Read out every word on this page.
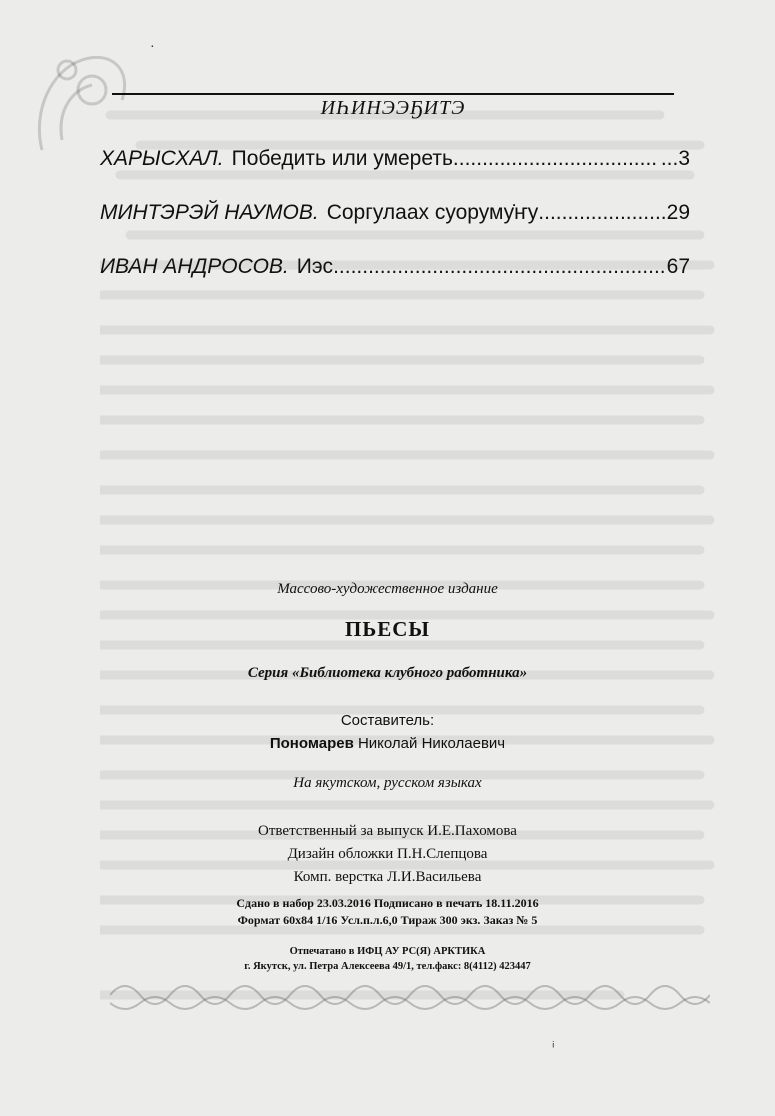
ИҺИНЭЭҔИТЭ
ХАРЫСХАЛ. Победить или умереть .....	...3
МИНТЭРЭЙ НАУМОВ. Соргулаах суоруму̇ҥу .....	29
ИВАН АНДРОСОВ. Иэс .....	67
Массово-художественное издание
ПЬЕСЫ
Серия «Библиотека клубного работника»
Составитель:
Пономарев Николай Николаевич
На якутском, русском языках
Ответственный за выпуск И.Е.Пахомова
Дизайн обложки П.Н.Слепцова
Комп. верстка Л.И.Васильева
Сдано в набор 23.03.2016 Подписано в печать 18.11.2016
Формат 60х84 1/16 Усл.п.л.6,0 Тираж 300 экз. Заказ № 5
Отпечатано в ИФЦ АУ РС(Я) АРКТИКА
г. Якутск, ул. Петра Алексеева 49/1, тел.факс: 8(4112) 423447
·
ⁱ
